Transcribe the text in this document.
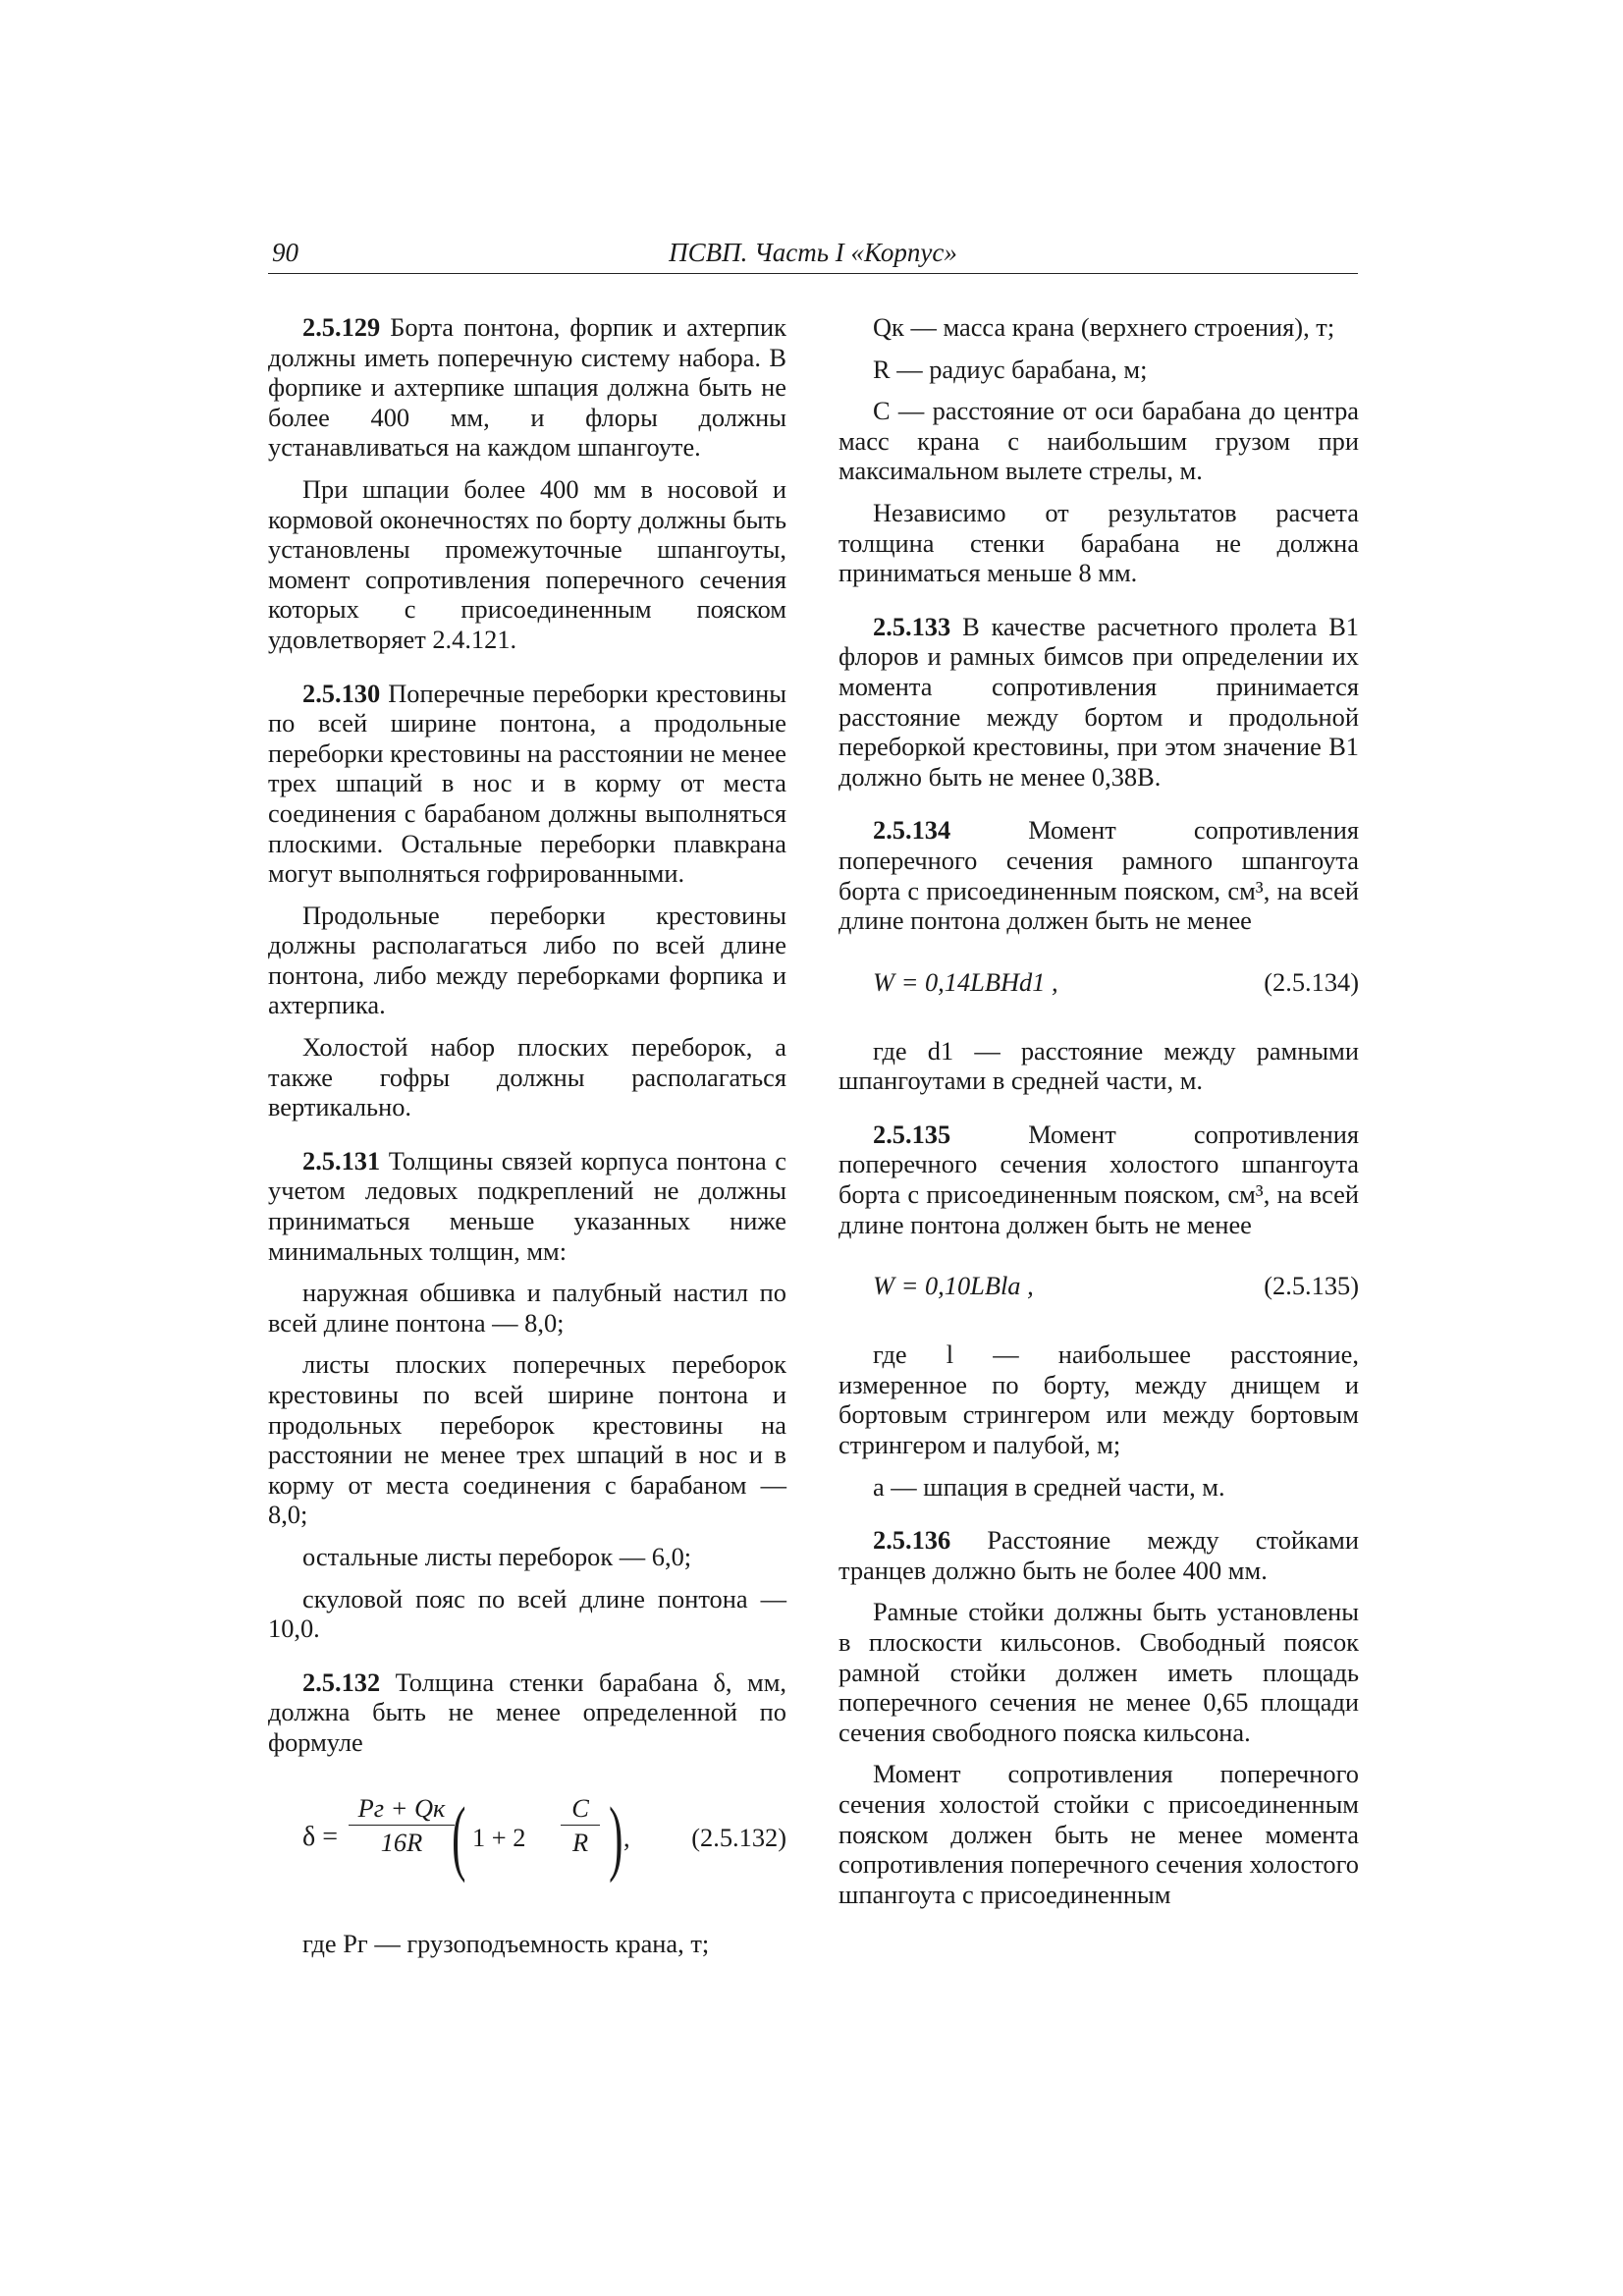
90	ПСВП. Часть I «Корпус»

2.5.129 Борта понтона, форпик и ахтерпик должны иметь поперечную систему набора. В форпике и ахтерпике шпация должна быть не более 400 мм, и флоры должны устанавливаться на каждом шпангоуте.

При шпации более 400 мм в носовой и кормовой оконечностях по борту должны быть установлены промежуточные шпангоуты, момент сопротивления поперечного сечения которых с присоединенным пояском удовлетворяет 2.4.121.

2.5.130 Поперечные переборки крестовины по всей ширине понтона, а продольные переборки крестовины на расстоянии не менее трех шпаций в нос и в корму от места соединения с барабаном должны выполняться плоскими. Остальные переборки плавкрана могут выполняться гофрированными.

Продольные переборки крестовины должны располагаться либо по всей длине понтона, либо между переборками форпика и ахтерпика.

Холостой набор плоских переборок, а также гофры должны располагаться вертикально.

2.5.131 Толщины связей корпуса понтона с учетом ледовых подкреплений не должны приниматься меньше указанных ниже минимальных толщин, мм:

наружная обшивка и палубный настил по всей длине понтона — 8,0;

листы плоских поперечных переборок крестовины по всей ширине понтона и продольных переборок крестовины на расстоянии не менее трех шпаций в нос и в корму от места соединения с барабаном — 8,0;

остальные листы переборок — 6,0;

скуловой пояс по всей длине понтона — 10,0.

2.5.132 Толщина стенки барабана δ, мм, должна быть не менее определенной по формуле

δ =
Pг + Qк
16R ( 1 + 2
C
R ) , (2.5.132)

где Pг — грузоподъемность крана, т;

Qк — масса крана (верхнего строения), т;

R — радиус барабана, м;

C — расстояние от оси барабана до центра масс крана с наибольшим грузом при максимальном вылете стрелы, м.

Независимо от результатов расчета толщина стенки барабана не должна приниматься меньше 8 мм.

2.5.133 В качестве расчетного пролета B1 флоров и рамных бимсов при определении их момента сопротивления принимается расстояние между бортом и продольной переборкой крестовины, при этом значение B1 должно быть не менее 0,38B.

2.5.134 Момент сопротивления поперечного сечения рамного шпангоута борта с присоединенным пояском, см³, на всей длине понтона должен быть не менее

W = 0,14LBHd1 ,	(2.5.134)

где d1 — расстояние между рамными шпангоутами в средней части, м.

2.5.135 Момент сопротивления поперечного сечения холостого шпангоута борта с присоединенным пояском, см³, на всей длине понтона должен быть не менее

W = 0,10LBla ,	(2.5.135)

где l — наибольшее расстояние, измеренное по борту, между днищем и бортовым стрингером или между бортовым стрингером и палубой, м;

a — шпация в средней части, м.

2.5.136 Расстояние между стойками транцев должно быть не более 400 мм.

Рамные стойки должны быть установлены в плоскости кильсонов. Свободный поясок рамной стойки должен иметь площадь поперечного сечения не менее 0,65 площади сечения свободного пояска кильсона.

Момент сопротивления поперечного сечения холостой стойки с присоединенным пояском должен быть не менее момента сопротивления поперечного сечения холостого шпангоута с присоединенным
